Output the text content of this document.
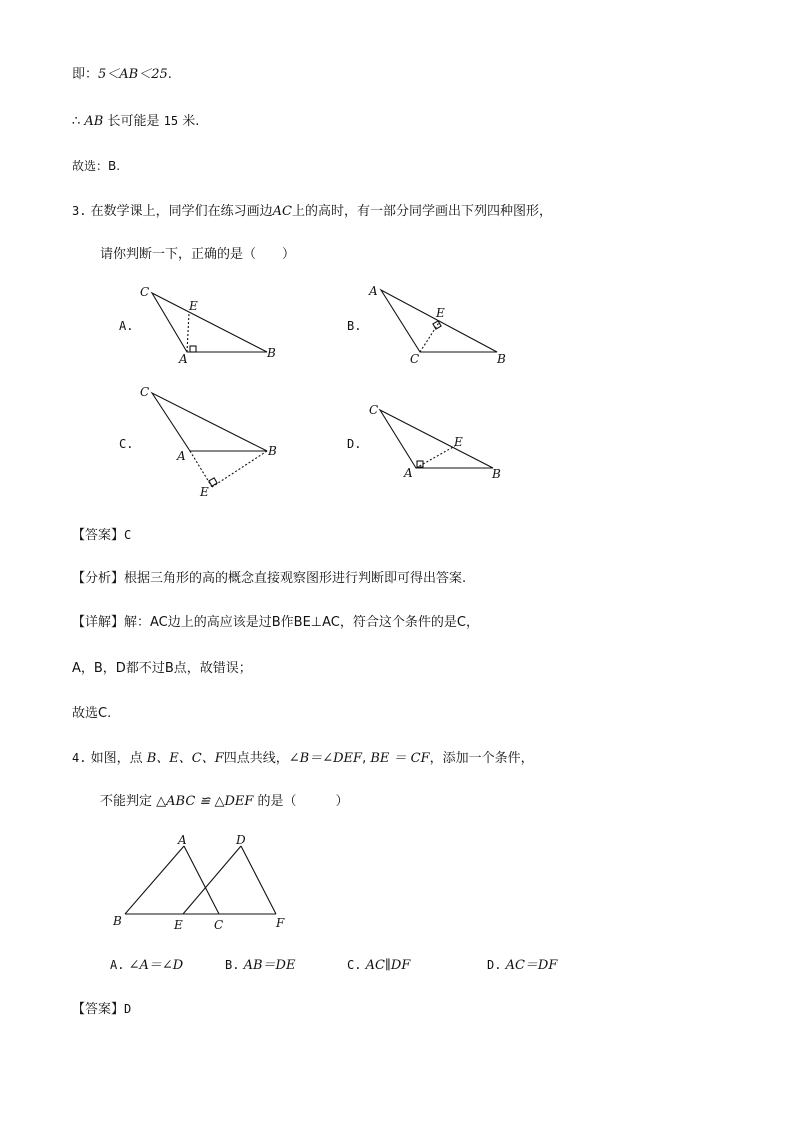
即：5＜AB＜25.
∴ AB 长可能是 15 米.
故选：B.
3. 在数学课上，同学们在练习画边AC上的高时，有一部分同学画出下列四种图形，
请你判断一下，正确的是（　　）
A.	B.
C.	D.
C
E
A	B
A
E
C	B
C
A	B
E
C
E
A	B
A	D
B	E	C	F
【答案】C
【分析】根据三角形的高的概念直接观察图形进行判断即可得出答案.
【详解】解：AC边上的高应该是过B作BE⊥AC，符合这个条件的是C，
A，B，D都不过B点，故错误；
故选C.
4. 如图，点 B、E、C、F四点共线，∠B＝∠DEF, BE ＝ CF，添加一个条件，
不能判定 △ABC ≌ △DEF 的是（　　　）
A. ∠A＝∠D	B. AB＝DE	C. AC∥DF	D. AC＝DF
【答案】D
